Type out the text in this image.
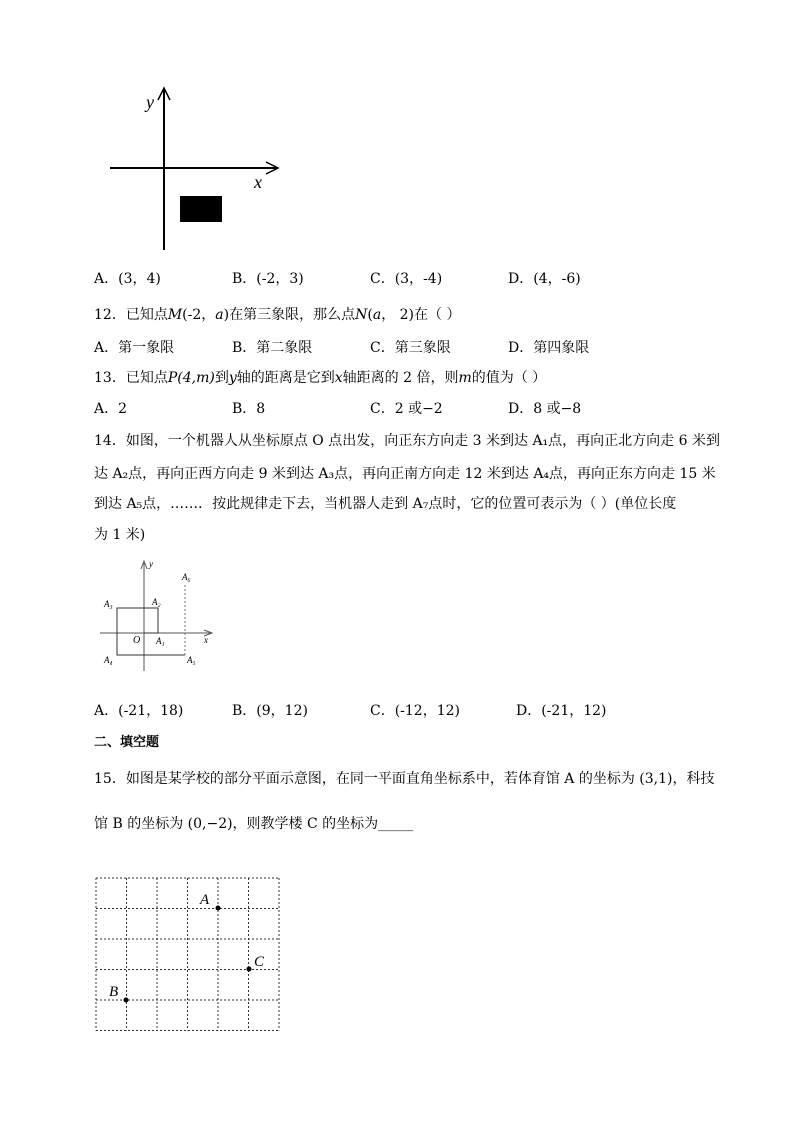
y
x
A．(3，4)	B．(-2，3)	C．(3，-4)	D．(4，-6)
12．已知点M(-2，a)在第三象限，那么点N(a， 2)在（ ）
A．第一象限	B．第二象限	C．第三象限	D．第四象限
13．已知点P(4,m)到y轴的距离是它到x轴距离的 2 倍，则m的值为（ ）
A．2	B．8	C．2 或−2	D．8 或−8
14．如图，一个机器人从坐标原点 O 点出发，向正东方向走 3 米到达 A₁点，再向正北方向走 6 米到
达 A₂点，再向正西方向走 9 米到达 A₃点，再向正南方向走 12 米到达 A₄点，再向正东方向走 15 米
到达 A₅点，……．按此规律走下去，当机器人走到 A₇点时，它的位置可表示为（ ）(单位长度
为 1 米)
y
x
O A₁
A₂
A₃
A₄	A₅
A₆
A．(-21，18)	B．(9，12)	C．(-12，12)	D．(-21，12)
二、填空题
15．如图是某学校的部分平面示意图，在同一平面直角坐标系中，若体育馆 A 的坐标为 (3,1)，科技
馆 B 的坐标为 (0,−2)，则教学楼 C 的坐标为_____
A
B
C
